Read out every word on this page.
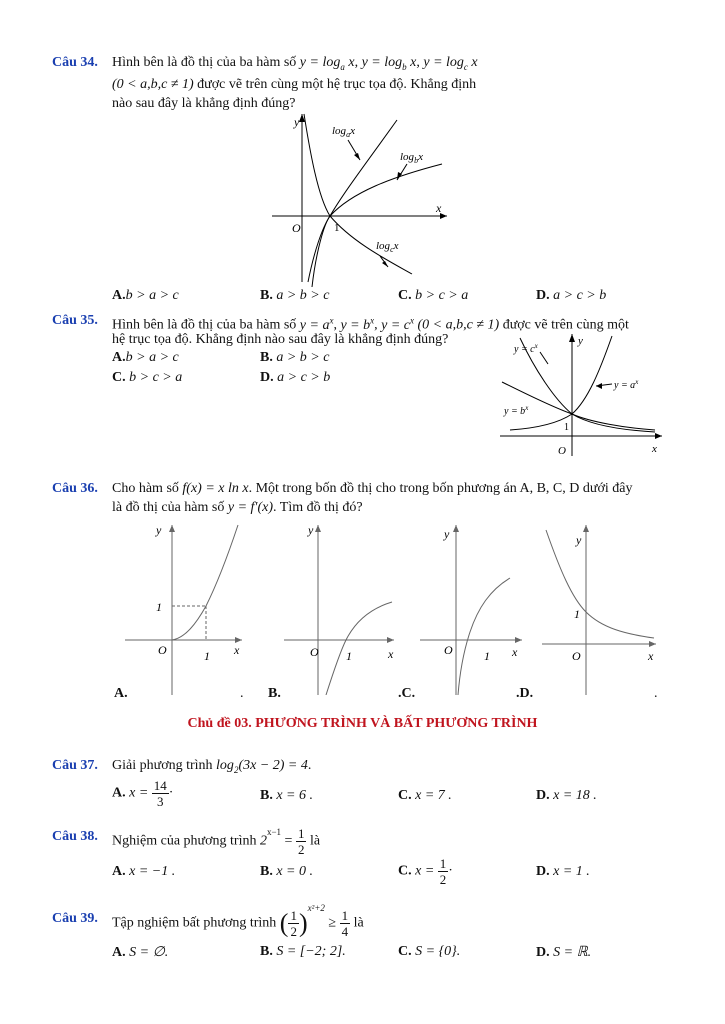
Câu 34. Hình bên là đồ thị của ba hàm số $y = \log_a x$, $y = \log_b x$, $y = \log_c x$
(0 < a,b,c ≠ 1) được vẽ trên cùng một hệ trục tọa độ. Khẳng định
nào sau đây là khẳng định đúng?
y
x
O	1
$\log_ax$
$\log_bx$
$\log_cx$
A.b > a > c	B. a > b > c	C. b > c > a	D. a > c > b
Câu 35. Hình bên là đồ thị của ba hàm số $y = a^x$, $y = b^x$, $y = c^x$ (0 < a,b,c ≠ 1) được vẽ trên cùng một
hệ trục tọa độ. Khẳng định nào sau đây là khẳng định đúng?
A.b > a > c	B. a > b > c
C. b > c > a	D. a > c > b
y
x
O
1
$y = c^x$
$y = a^x$
$y = b^x$
Câu 36. Cho hàm số f(x) = x ln x. Một trong bốn đồ thị cho trong bốn phương án A, B, C, D dưới đây
là đồ thị của hàm số y = f′(x). Tìm đồ thị đó?
y
x
O	1
1
y
x
O 1
y
x
O	1
y
x
O
1
A.	. B.	.C.	.D.	.
Chủ đề 03. PHƯƠNG TRÌNH VÀ BẤT PHƯƠNG TRÌNH
Câu 37. Giải phương trình $\log_2(3x - 2) = 4$.
A. $x = \frac{14}{3}$ ·	B. x = 6 .	C. x = 7 .	D. x = 18 .
Câu 38. Nghiệm của phương trình $2^{x-1} = \frac{1}{2}$ là
A. x = −1 .	B. x = 0 .	C. $x = \frac{1}{2}$ ·	D. x = 1 .
Câu 39. Tập nghiệm bất phương trình ( $\frac{1}{2} )^{x^2+2} \ge \frac{1}{4}$ là
A. S = ∅.	B. S = [−2; 2].	C. S = {0}.	D. S = ℝ.
